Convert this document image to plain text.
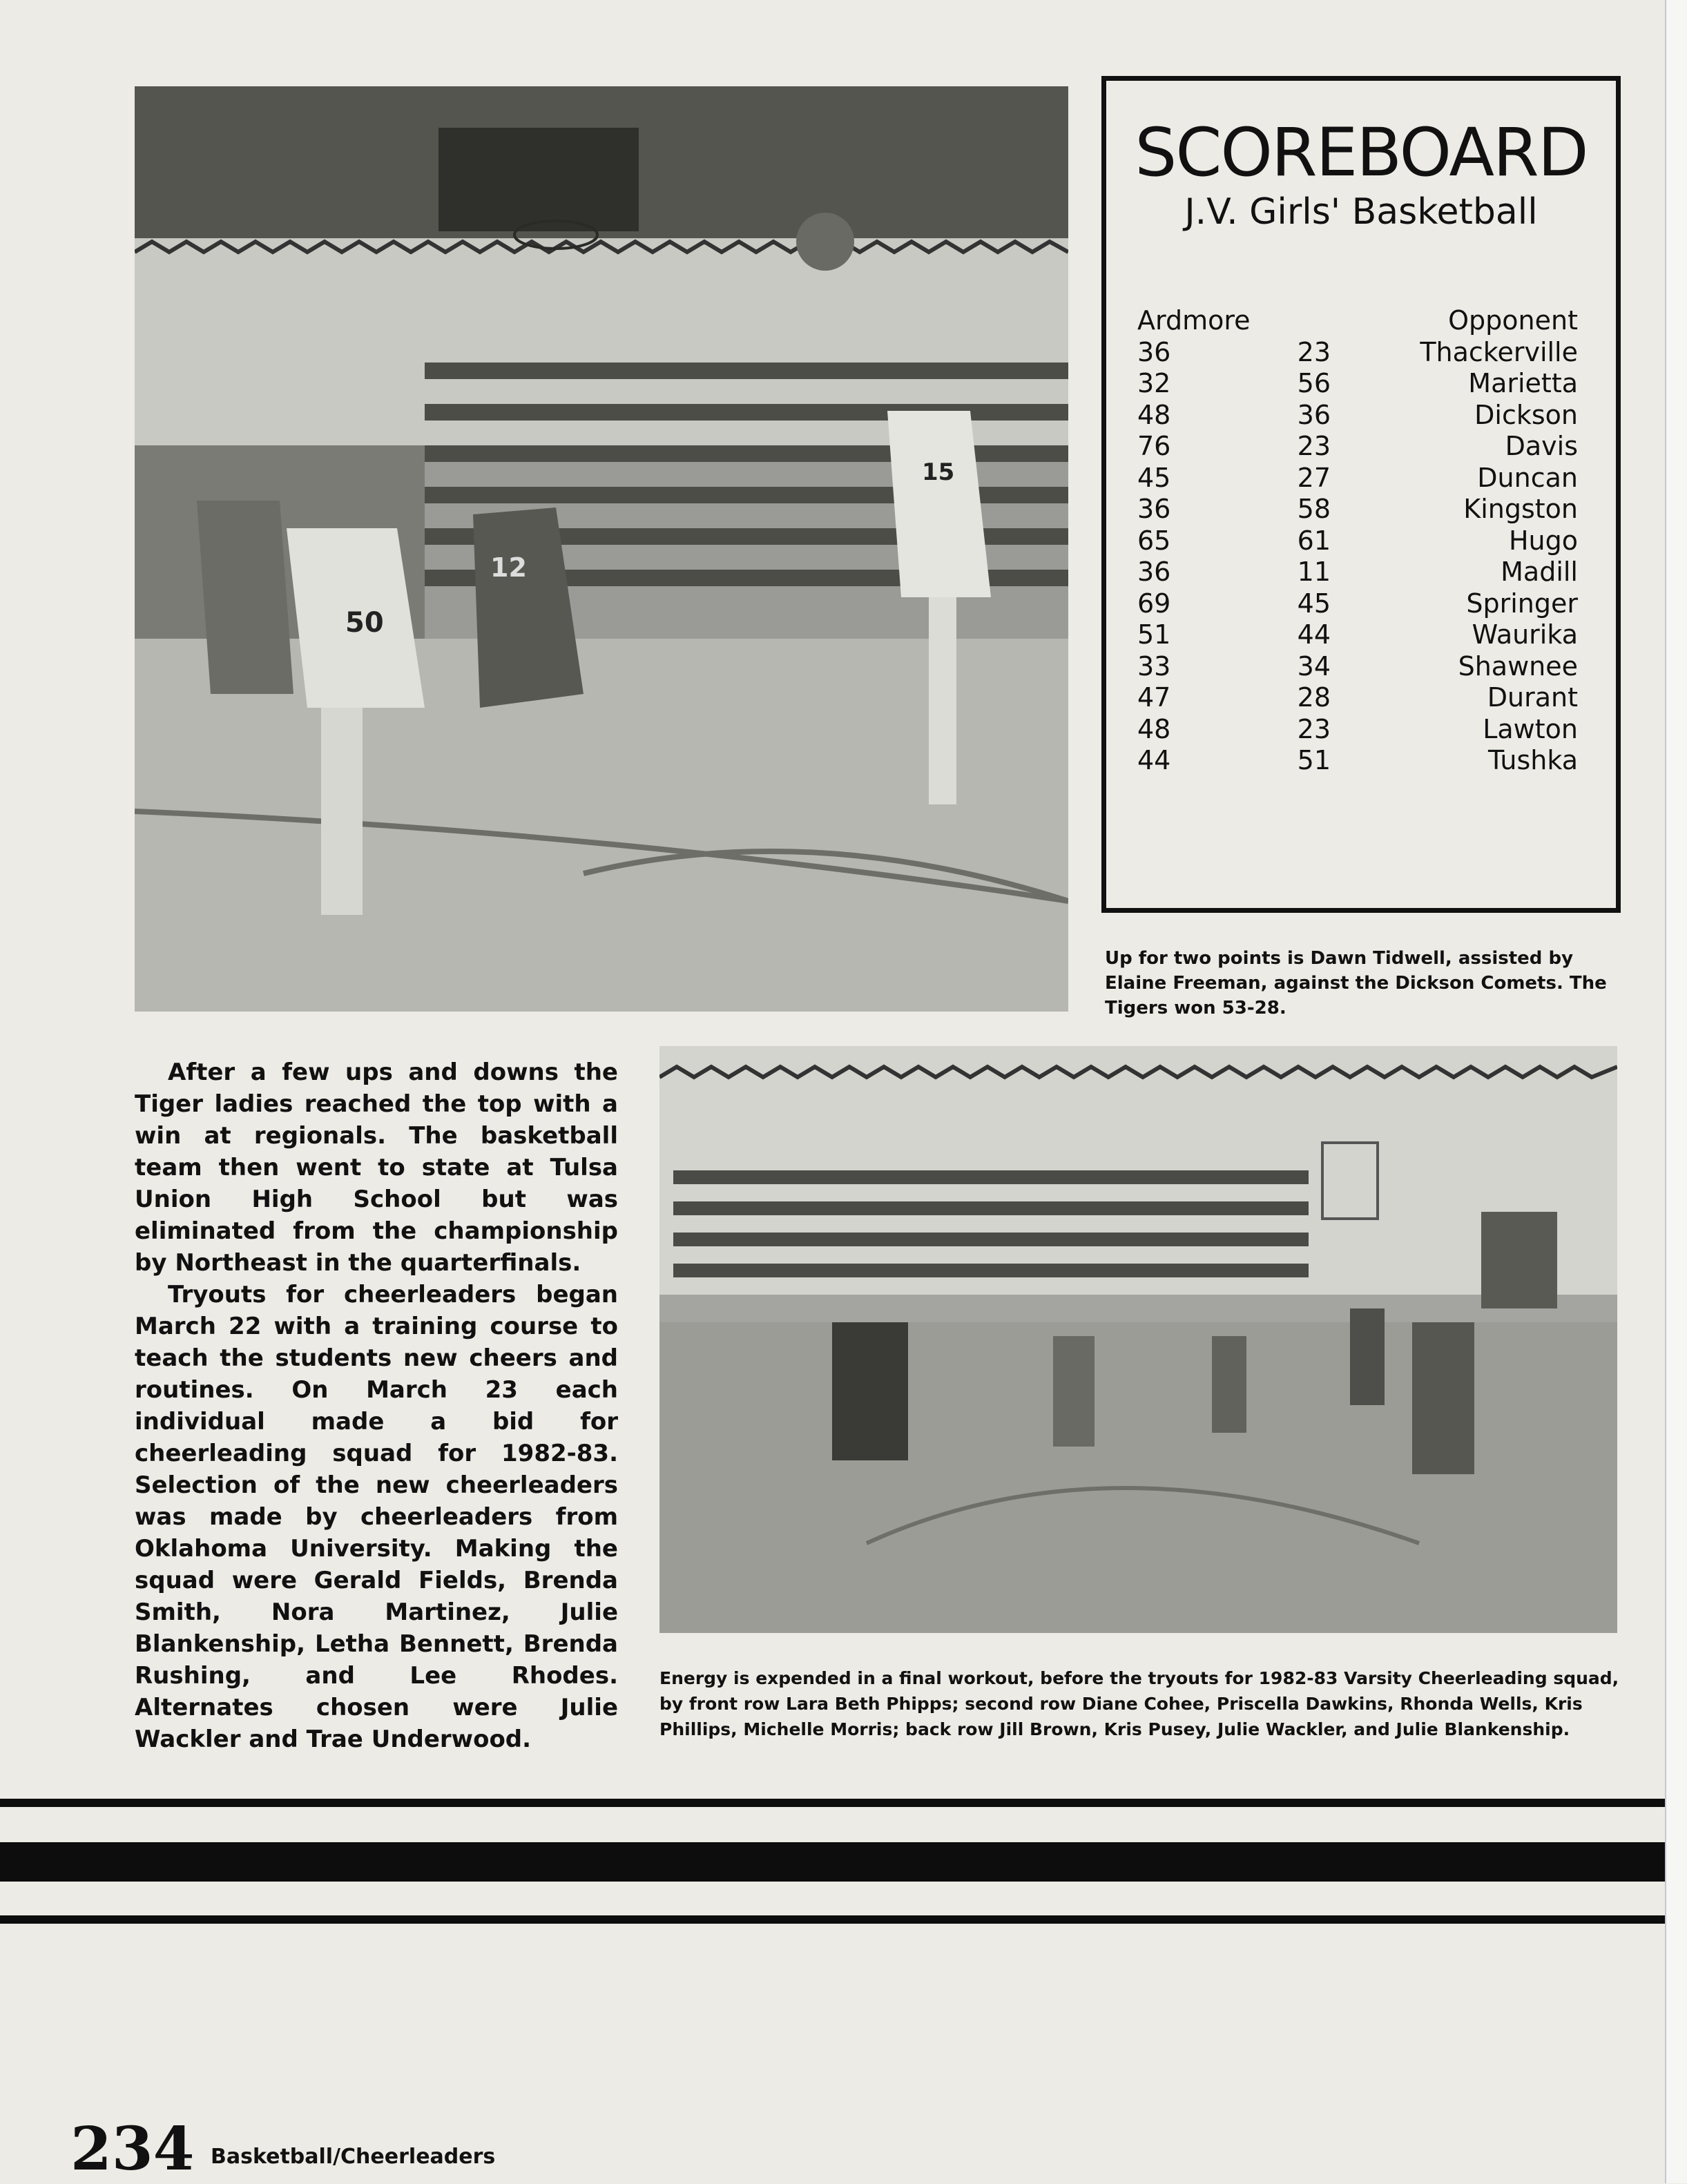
50
12
15
SCOREBOARD
J.V. Girls' Basketball
Ardmore	Opponent
36	23	Thackerville
32	56	Marietta
48	36	Dickson
76	23	Davis
45	27	Duncan
36	58	Kingston
65	61	Hugo
36	11	Madill
69	45	Springer
51	44	Waurika
33	34	Shawnee
47	28	Durant
48	23	Lawton
44	51	Tushka
Up for two points is Dawn Tidwell, assisted by Elaine Freeman, against the Dickson Comets. The Tigers won 53-28.

After a few ups and downs the Tiger ladies reached the top with a win at regionals. The basketball team then went to state at Tulsa Union High School but was eliminated from the championship by Northeast in the quarterfinals.

Tryouts for cheerleaders began March 22 with a training course to teach the students new cheers and routines. On March 23 each individual made a bid for cheerleading squad for 1982-83. Selection of the new cheerleaders was made by cheerleaders from Oklahoma University. Making the squad were Gerald Fields, Brenda Smith, Nora Martinez, Julie Blankenship, Letha Bennett, Brenda Rushing, and Lee Rhodes. Alternates chosen were Julie Wackler and Trae Underwood.

Energy is expended in a final workout, before the tryouts for 1982-83 Varsity Cheerleading squad, by front row Lara Beth Phipps; second row Diane Cohee, Priscella Dawkins, Rhonda Wells, Kris Phillips, Michelle Morris; back row Jill Brown, Kris Pusey, Julie Wackler, and Julie Blankenship.
234 Basketball/Cheerleaders
